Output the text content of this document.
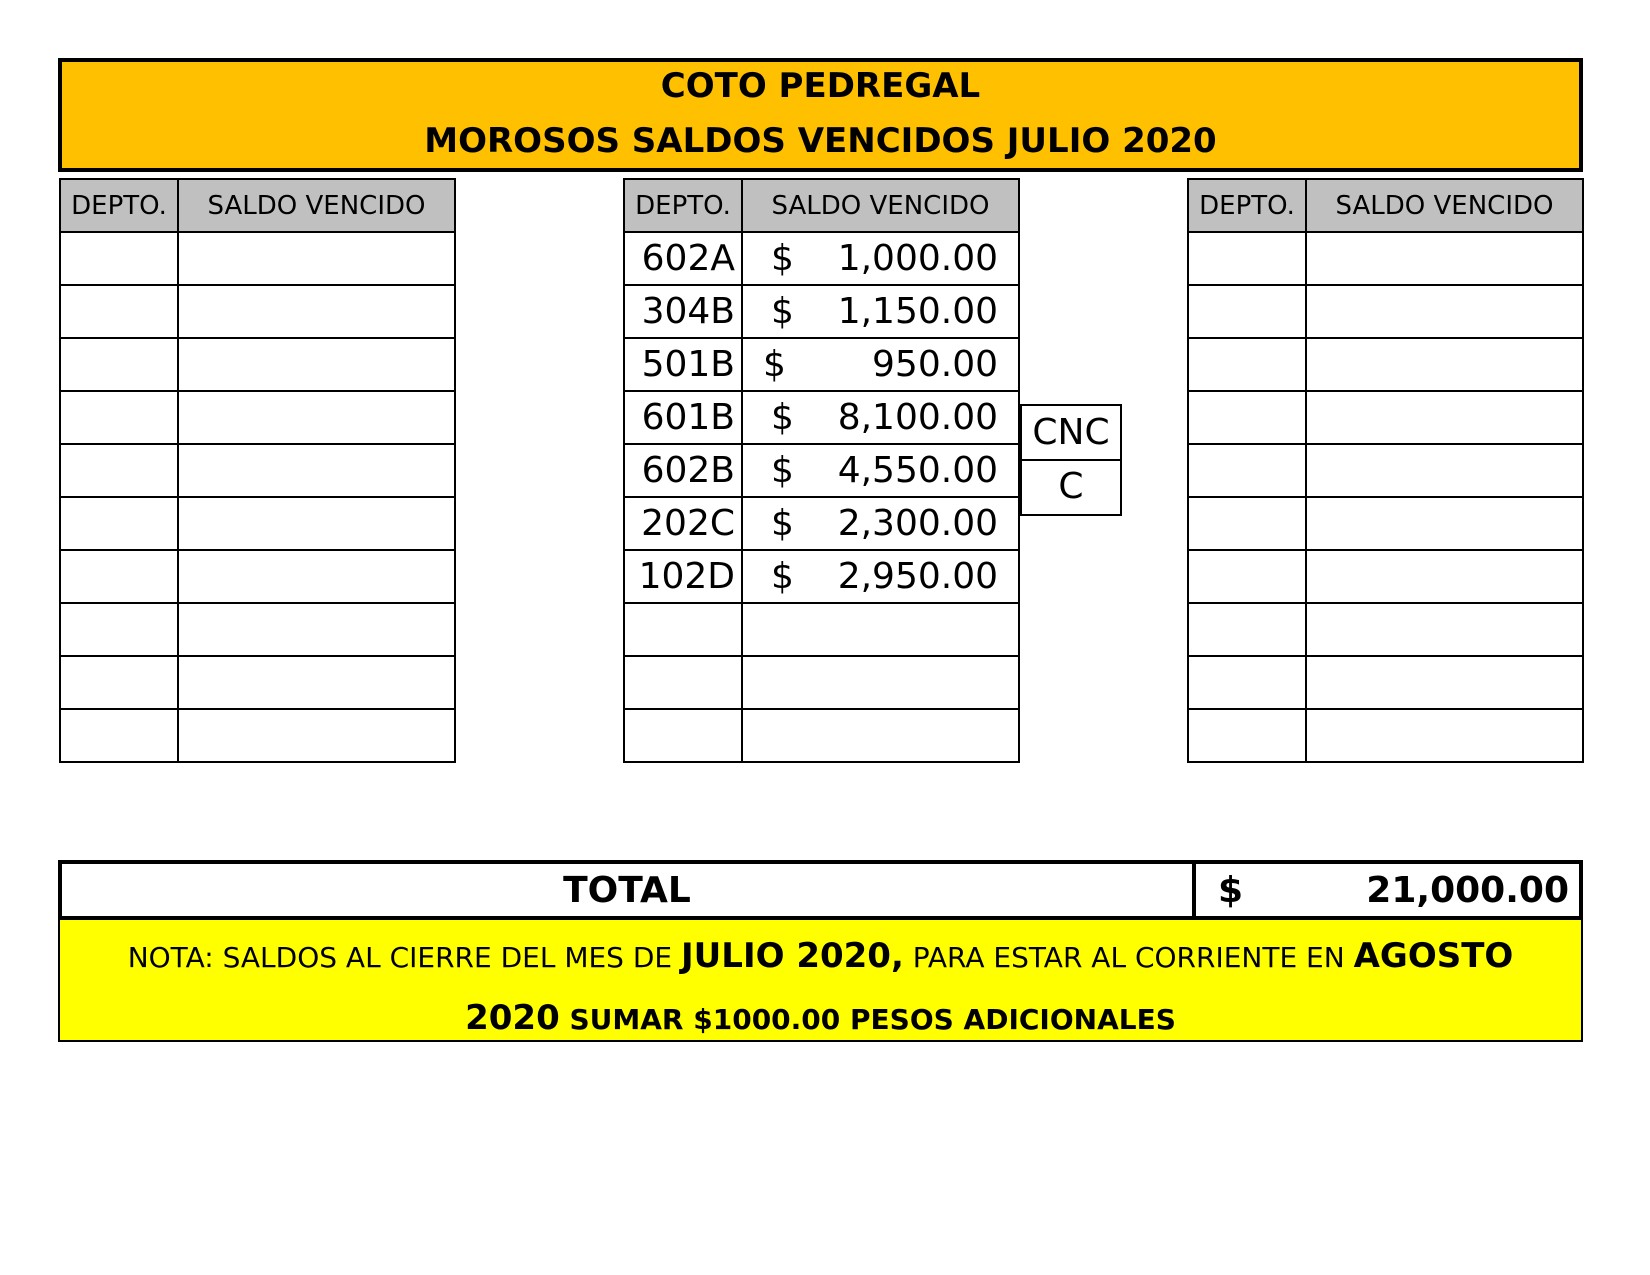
COTO PEDREGAL
MOROSOS SALDOS VENCIDOS JULIO 2020
DEPTO.	SALDO VENCIDO

		DEPTO.	SALDO VENCIDO
602A	$ 1,000.00

304B	$ 1,150.00

501B	$ 950.00

601B	$ 8,100.00

602B	$ 4,550.00

202C	$ 2,300.00

102D	$ 2,950.00

CNC
C
DEPTO.	SALDO VENCIDO

TOTAL	$	21,000.00
NOTA: SALDOS AL CIERRE DEL MES DE JULIO 2020, PARA ESTAR AL CORRIENTE EN AGOSTO 2020 SUMAR $1000.00 PESOS ADICIONALES
